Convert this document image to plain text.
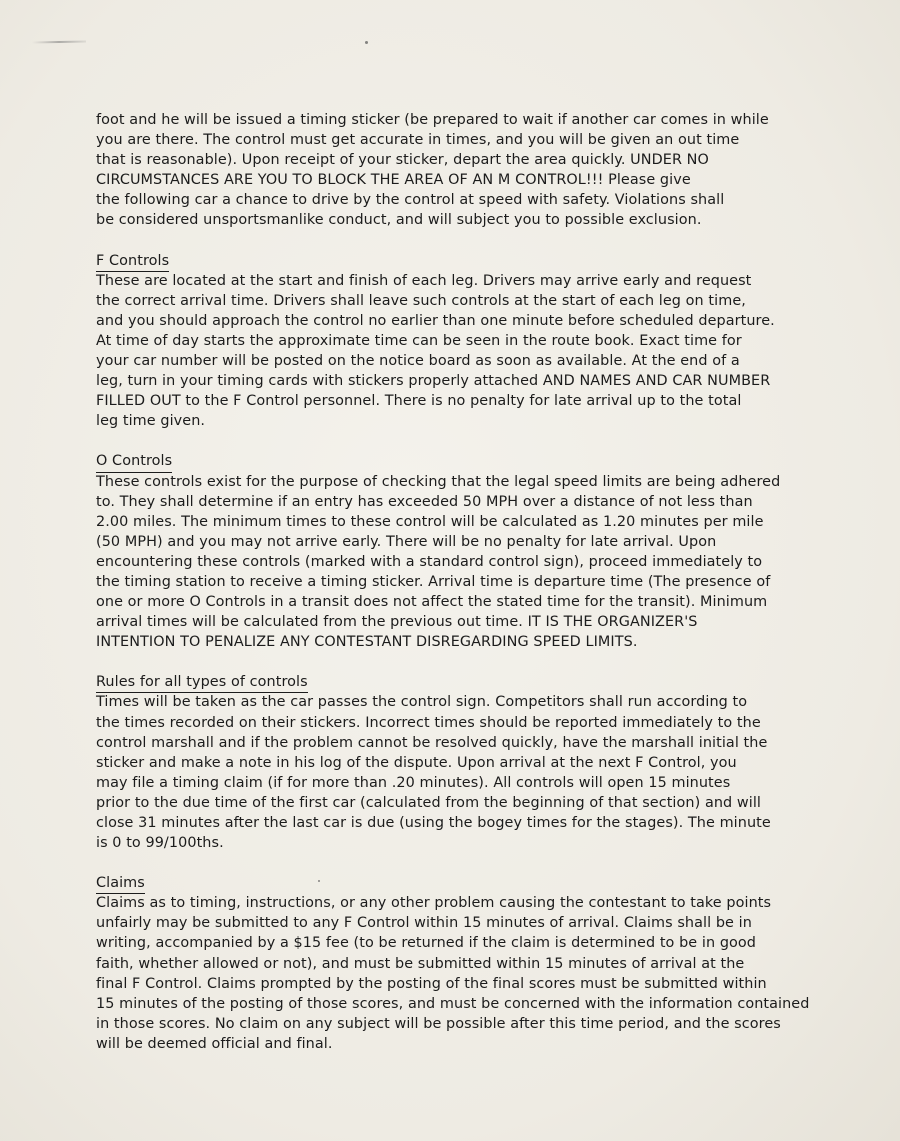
foot and he will be issued a timing sticker (be prepared to wait if another car comes in while
you are there. The control must get accurate in times, and you will be given an out time
that is reasonable). Upon receipt of your sticker, depart the area quickly. UNDER NO
CIRCUMSTANCES ARE YOU TO BLOCK THE AREA OF AN M CONTROL!!! Please give
the following car a chance to drive by the control at speed with safety. Violations shall
be considered unsportsmanlike conduct, and will subject you to possible exclusion.

F Controls

These are located at the start and finish of each leg. Drivers may arrive early and request
the correct arrival time. Drivers shall leave such controls at the start of each leg on time,
and you should approach the control no earlier than one minute before scheduled departure.
At time of day starts the approximate time can be seen in the route book. Exact time for
your car number will be posted on the notice board as soon as available. At the end of a
leg, turn in your timing cards with stickers properly attached AND NAMES AND CAR NUMBER
FILLED OUT to the F Control personnel. There is no penalty for late arrival up to the total
leg time given.

O Controls

These controls exist for the purpose of checking that the legal speed limits are being adhered
to. They shall determine if an entry has exceeded 50 MPH over a distance of not less than
2.00 miles. The minimum times to these control will be calculated as 1.20 minutes per mile
(50 MPH) and you may not arrive early. There will be no penalty for late arrival. Upon
encountering these controls (marked with a standard control sign), proceed immediately to
the timing station to receive a timing sticker. Arrival time is departure time (The presence of
one or more O Controls in a transit does not affect the stated time for the transit). Minimum
arrival times will be calculated from the previous out time. IT IS THE ORGANIZER'S
INTENTION TO PENALIZE ANY CONTESTANT DISREGARDING SPEED LIMITS.

Rules for all types of controls

Times will be taken as the car passes the control sign. Competitors shall run according to
the times recorded on their stickers. Incorrect times should be reported immediately to the
control marshall and if the problem cannot be resolved quickly, have the marshall initial the
sticker and make a note in his log of the dispute. Upon arrival at the next F Control, you
may file a timing claim (if for more than .20 minutes). All controls will open 15 minutes
prior to the due time of the first car (calculated from the beginning of that section) and will
close 31 minutes after the last car is due (using the bogey times for the stages). The minute
is 0 to 99/100ths.

Claims

Claims as to timing, instructions, or any other problem causing the contestant to take points
unfairly may be submitted to any F Control within 15 minutes of arrival. Claims shall be in
writing, accompanied by a $15 fee (to be returned if the claim is determined to be in good
faith, whether allowed or not), and must be submitted within 15 minutes of arrival at the
final F Control. Claims prompted by the posting of the final scores must be submitted within
15 minutes of the posting of those scores, and must be concerned with the information contained
in those scores. No claim on any subject will be possible after this time period, and the scores
will be deemed official and final.
